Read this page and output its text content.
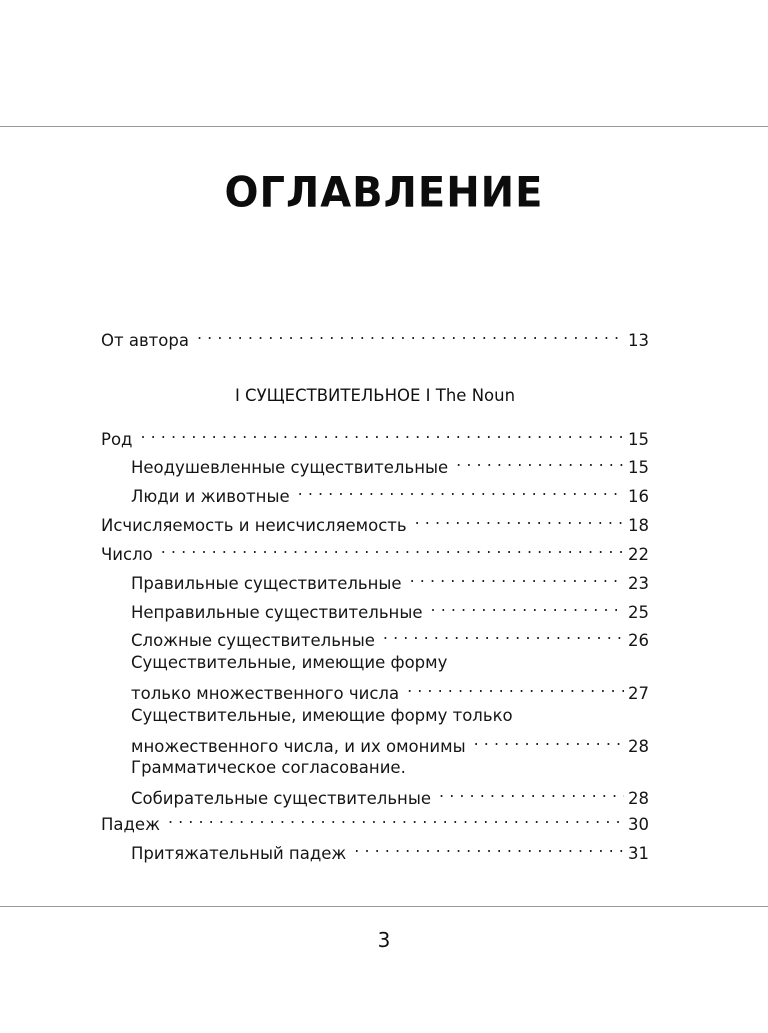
ОГЛАВЛЕНИЕ
От автора . . .	13
I СУЩЕСТВИТЕЛЬНОЕ I The Noun
Род . . .	15
Неодушевленные существительные . . .	15
Люди и животные . . .	16
Исчисляемость и неисчисляемость . . .	18
Число . . .	22
Правильные существительные . . .	23
Неправильные существительные . . .	25
Сложные существительные . . .	26
Существительные, имеющие форму
только множественного числа . . .	27
Существительные, имеющие форму только
множественного числа, и их омонимы . . .	28
Грамматическое согласование.
Собирательные существительные . . .	28
Падеж . . .	30
Притяжательный падеж . . .	31
3
